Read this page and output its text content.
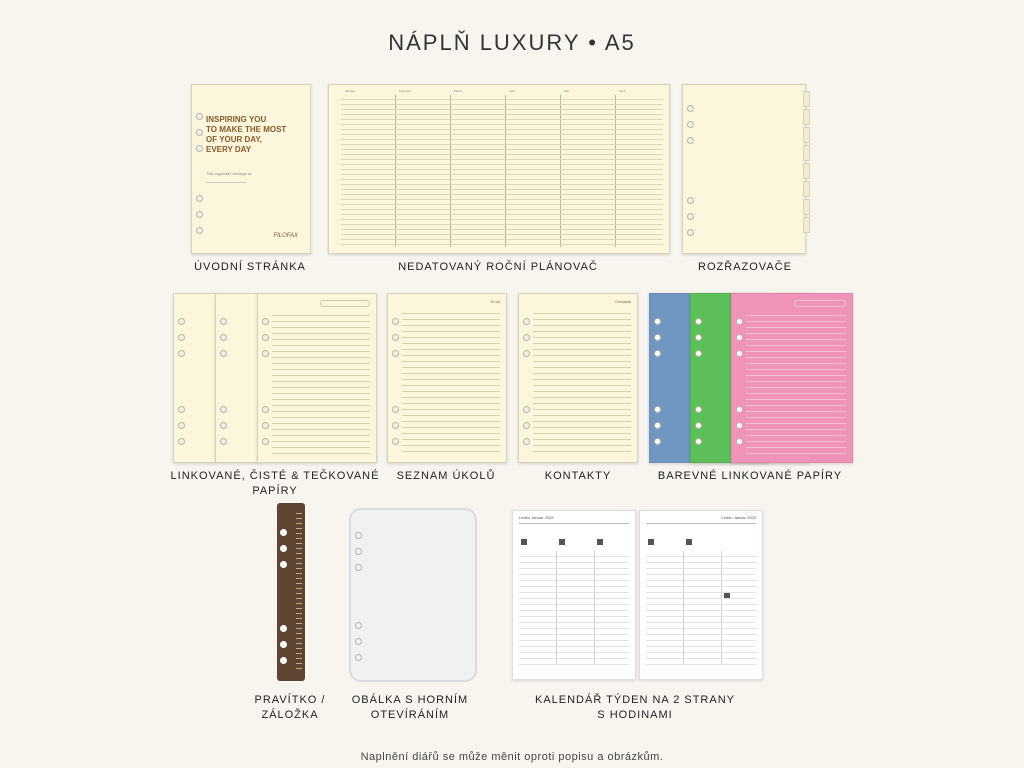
NÁPLŇ LUXURY • A5
INSPIRING YOU
TO MAKE THE MOST
OF YOUR DAY,
EVERY DAY
This organiser belongs to:
FILOFAX
ÚVODNÍ STRÁNKA
January	February	March	April	May	June
NEDATOVANÝ ROČNÍ PLÁNOVAČ	ROZŘAZOVAČE
LINKOVANÉ, ČISTÉ & TEČKOVANÉ PAPÍRY
To do
SEZNAM ÚKOLŮ
Contacts
KONTAKTY	BAREVNÉ LINKOVANÉ PAPÍRY
PRAVÍTKO / ZÁLOŽKA
OBÁLKA S HORNÍM OTEVÍRÁNÍM
Leden Január 2025	Leden Január 2025
KALENDÁŘ TÝDEN NA 2 STRANY S HODINAMI
Naplnění diářů se může měnit oproti popisu a obrázkům.
